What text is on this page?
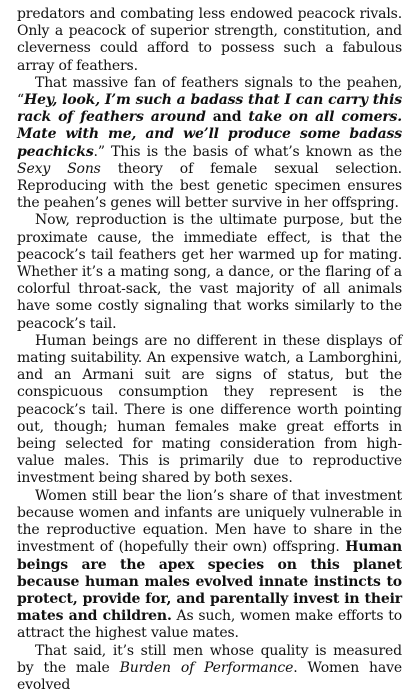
predators and combating less endowed peacock rivals. Only a peacock of superior strength, constitution, and cleverness could afford to possess such a fabulous array of feathers.

That massive fan of feathers signals to the peahen, “Hey, look, I’m such a badass that I can carry this rack of feathers around and take on all comers. Mate with me, and we’ll produce some badass peachicks.” This is the basis of what’s known as the Sexy Sons theory of female sexual selection. Reproducing with the best genetic specimen ensures the peahen’s genes will better survive in her offspring.

Now, reproduction is the ultimate purpose, but the proximate cause, the immediate effect, is that the peacock’s tail feathers get her warmed up for mating. Whether it’s a mating song, a dance, or the flaring of a colorful throat-sack, the vast majority of all animals have some costly signaling that works similarly to the peacock’s tail.

Human beings are no different in these displays of mating suitability. An expensive watch, a Lamborghini, and an Armani suit are signs of status, but the conspicuous consumption they represent is the peacock’s tail. There is one difference worth pointing out, though; human females make great efforts in being selected for mating consideration from high-value males. This is primarily due to reproductive investment being shared by both sexes.

Women still bear the lion’s share of that investment because women and infants are uniquely vulnerable in the reproductive equation. Men have to share in the investment of (hopefully their own) offspring. Human beings are the apex species on this planet because human males evolved innate instincts to protect, provide for, and parentally invest in their mates and children. As such, women make efforts to attract the highest value mates.

That said, it’s still men whose quality is measured by the male Burden of Performance. Women have evolved
